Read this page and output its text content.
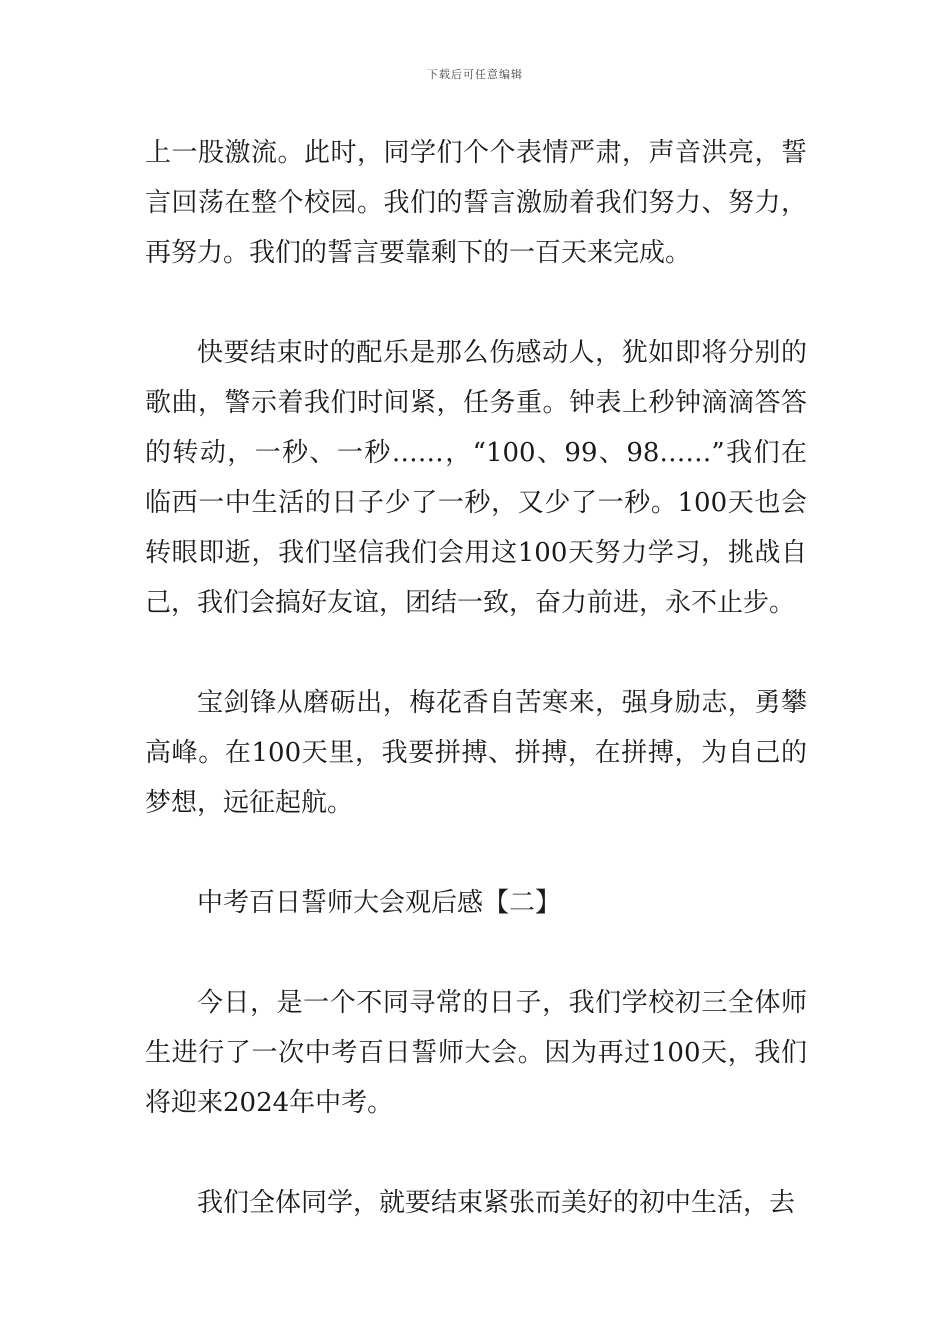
下载后可任意编辑

上一股激流。此时，同学们个个表情严肃，声音洪亮，誓言回荡在整个校园。我们的誓言激励着我们努力、努力，再努力。我们的誓言要靠剩下的一百天来完成。

快要结束时的配乐是那么伤感动人，犹如即将分别的歌曲，警示着我们时间紧，任务重。钟表上秒钟滴滴答答的转动，一秒、一秒……，“100、99、98……”我们在临西一中生活的日子少了一秒，又少了一秒。100天也会转眼即逝，我们坚信我们会用这100天努力学习，挑战自己，我们会搞好友谊，团结一致，奋力前进，永不止步。

宝剑锋从磨砺出，梅花香自苦寒来，强身励志，勇攀高峰。在100天里，我要拼搏、拼搏，在拼搏，为自己的梦想，远征起航。

中考百日誓师大会观后感【二】

今日，是一个不同寻常的日子，我们学校初三全体师生进行了一次中考百日誓师大会。因为再过100天，我们将迎来2024年中考。

我们全体同学，就要结束紧张而美好的初中生活，去
